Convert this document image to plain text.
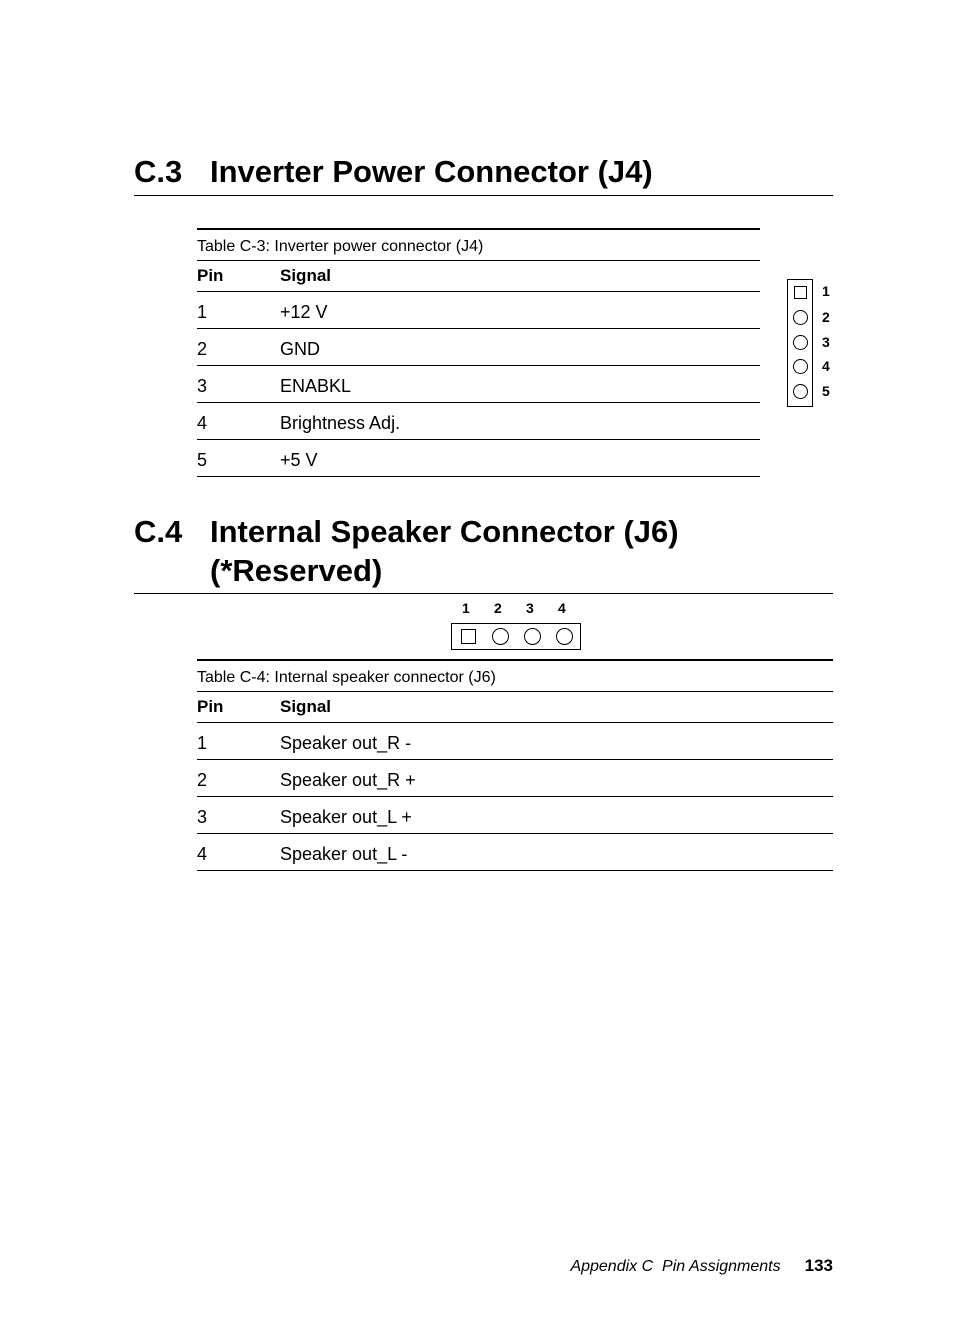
C.3 Inverter Power Connector (J4)
Table C-3: Inverter power connector (J4)
Pin	Signal
1	+12 V
2	GND
3	ENABKL
4	Brightness Adj.
5	+5 V
1
2
3
4
5
C.4 Internal Speaker Connector (J6)
(*Reserved)
1 2 3 4
Table C-4: Internal speaker connector (J6)
Pin	Signal
1	Speaker out_R -
2	Speaker out_R +
3	Speaker out_L +
4	Speaker out_L -
Appendix C  Pin Assignments 133
